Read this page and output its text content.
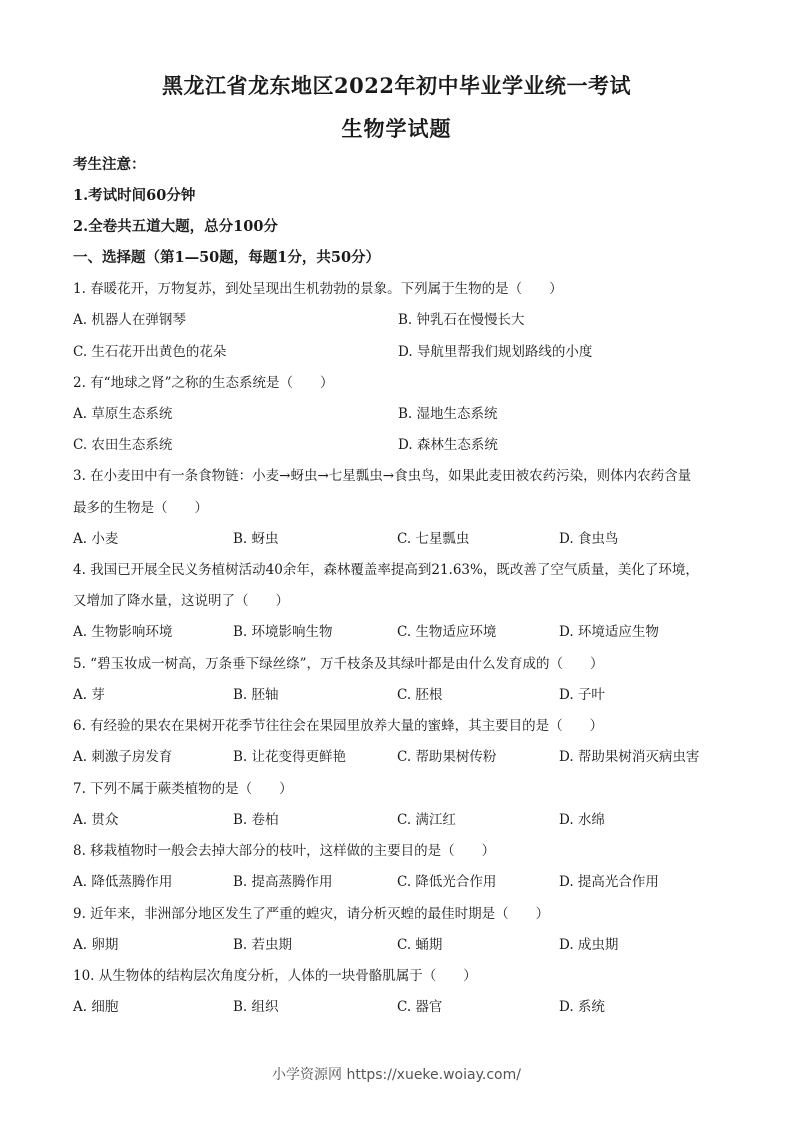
黑龙江省龙东地区2022年初中毕业学业统一考试
生物学试题
考生注意：
1.考试时间60分钟
2.全卷共五道大题，总分100分
一、选择题（第1—50题，每题1分，共50分）
1. 春暖花开，万物复苏，到处呈现出生机勃勃的景象。下列属于生物的是（　　）
A. 机器人在弹钢琴	B. 钟乳石在慢慢长大
C. 生石花开出黄色的花朵	D. 导航里帮我们规划路线的小度
2. 有“地球之肾”之称的生态系统是（　　）
A. 草原生态系统	B. 湿地生态系统
C. 农田生态系统	D. 森林生态系统
3. 在小麦田中有一条食物链：小麦→蚜虫→七星瓢虫→食虫鸟，如果此麦田被农药污染，则体内农药含量
最多的生物是（　　）
A. 小麦	B. 蚜虫	C. 七星瓢虫	D. 食虫鸟
4. 我国已开展全民义务植树活动40余年，森林覆盖率提高到21.63%，既改善了空气质量，美化了环境，
又增加了降水量，这说明了（　　）
A. 生物影响环境	B. 环境影响生物	C. 生物适应环境	D. 环境适应生物
5. “碧玉妆成一树高，万条垂下绿丝绦”，万千枝条及其绿叶都是由什么发育成的（　　）
A. 芽	B. 胚轴	C. 胚根	D. 子叶
6. 有经验的果农在果树开花季节往往会在果园里放养大量的蜜蜂，其主要目的是（　　）
A. 刺激子房发育	B. 让花变得更鲜艳	C. 帮助果树传粉	D. 帮助果树消灭病虫害
7. 下列不属于蕨类植物的是（　　）
A. 贯众	B. 卷柏	C. 满江红	D. 水绵
8. 移栽植物时一般会去掉大部分的枝叶，这样做的主要目的是（　　）
A. 降低蒸腾作用	B. 提高蒸腾作用	C. 降低光合作用	D. 提高光合作用
9. 近年来，非洲部分地区发生了严重的蝗灾，请分析灭蝗的最佳时期是（　　）
A. 卵期	B. 若虫期	C. 蛹期	D. 成虫期
10. 从生物体的结构层次角度分析，人体的一块骨骼肌属于（　　）
A. 细胞	B. 组织	C. 器官	D. 系统
小学资源网 https://xueke.woiay.com/
